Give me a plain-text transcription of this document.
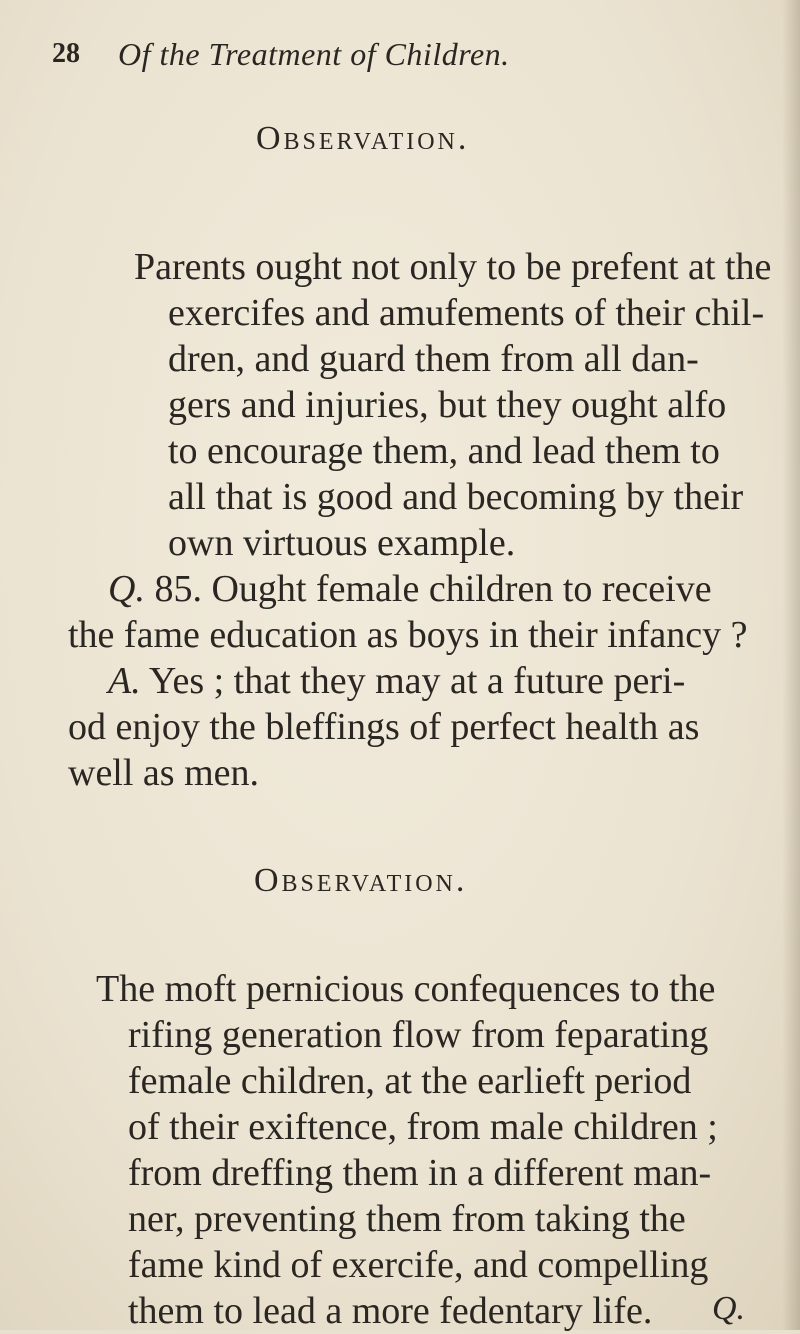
28 Of the Treatment of Children.
Observation.
Parents ought not only to be prefent at the
exercifes and amufements of their chil-
dren, and guard them from all dan-
gers and injuries, but they ought alfo
to encourage them, and lead them to
all that is good and becoming by their
own virtuous example.
Q. 85. Ought female children to receive
the fame education as boys in their infancy ?
A. Yes ; that they may at a future peri-
od enjoy the bleffings of perfect health as
well as men.
Observation.
The moft pernicious confequences to the
rifing generation flow from feparating
female children, at the earlieft period
of their exiftence, from male children ;
from dreffing them in a different man-
ner, preventing them from taking the
fame kind of exercife, and compelling
them to lead a more fedentary life. Q.
